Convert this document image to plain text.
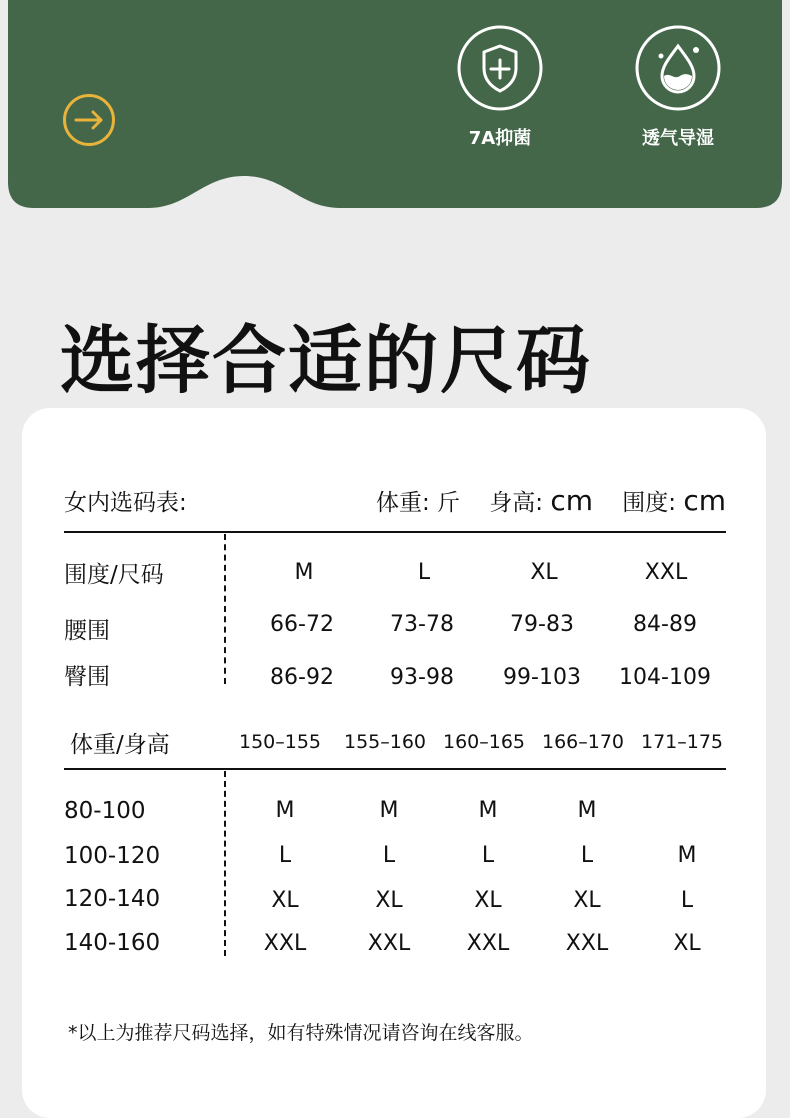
7A抑菌	透气导湿
选择合适的尺码
女内选码表:	体重: 斤 身高: cm 围度: cm
围度/尺码	M	L	XL	XXL
腰围	66-72	73-78	79-83	84-89
臀围	86-92	93-98 99-103 104-109
体重/身高	150–155 155–160 160–165 166–170 171–175
80-100	M	M	M	M
100-120	L	L	L	L	M
120-140	XL	XL	XL	XL	L
140-160	XXL	XXL	XXL	XXL	XL
*以上为推荐尺码选择，如有特殊情况请咨询在线客服。
